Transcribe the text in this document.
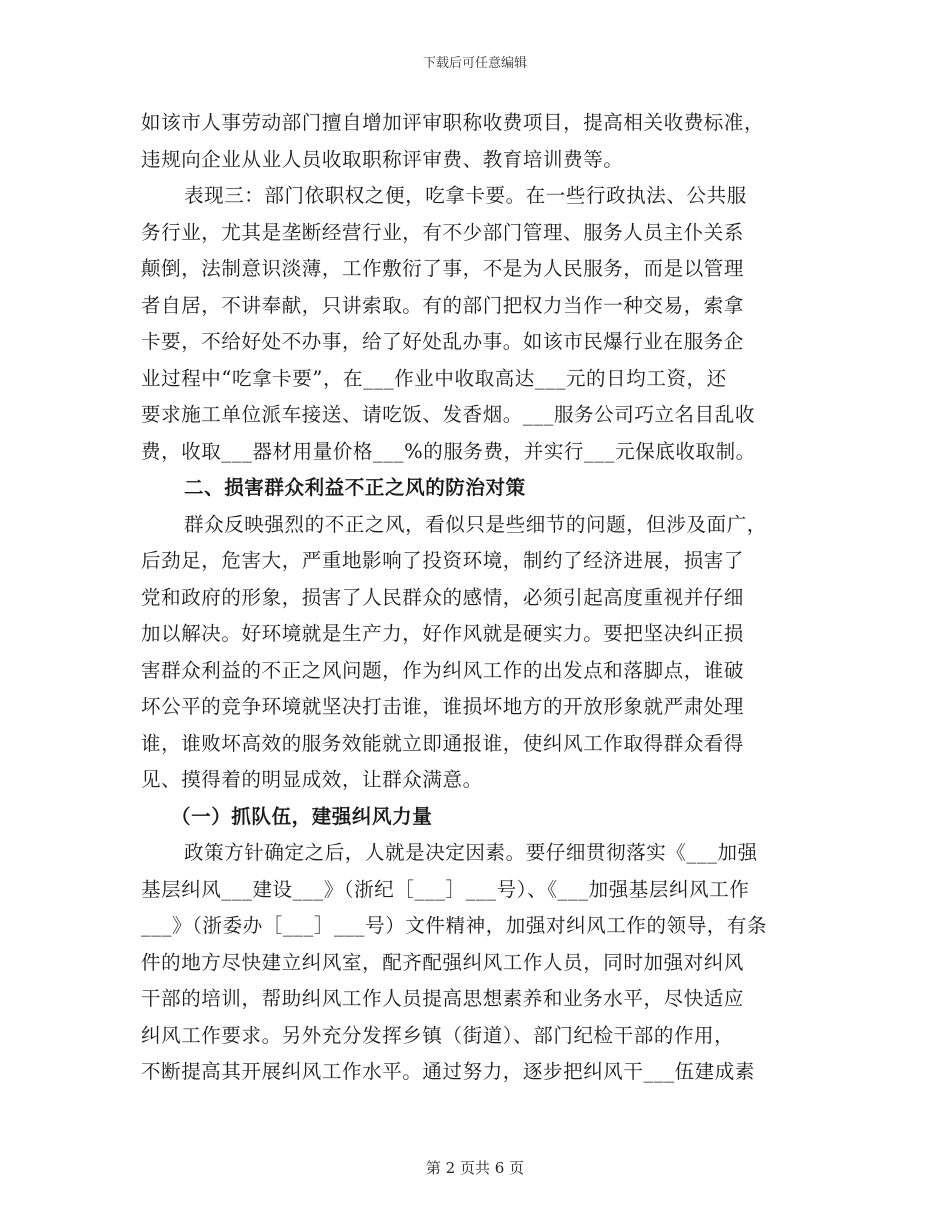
下载后可任意编辑
如该市人事劳动部门擅自增加评审职称收费项目，提高相关收费标准，
违规向企业从业人员收取职称评审费、教育培训费等。
表现三：部门依职权之便，吃拿卡要。在一些行政执法、公共服
务行业，尤其是垄断经营行业，有不少部门管理、服务人员主仆关系
颠倒，法制意识淡薄，工作敷衍了事，不是为人民服务，而是以管理
者自居，不讲奉献，只讲索取。有的部门把权力当作一种交易，索拿
卡要，不给好处不办事，给了好处乱办事。如该市民爆行业在服务企
业过程中“吃拿卡要”，在___作业中收取高达___元的日均工资，还
要求施工单位派车接送、请吃饭、发香烟。___服务公司巧立名目乱收
费，收取___器材用量价格___%的服务费，并实行___元保底收取制。
二、损害群众利益不正之风的防治对策
群众反映强烈的不正之风，看似只是些细节的问题，但涉及面广，
后劲足，危害大，严重地影响了投资环境，制约了经济进展，损害了
党和政府的形象，损害了人民群众的感情，必须引起高度重视并仔细
加以解决。好环境就是生产力，好作风就是硬实力。要把坚决纠正损
害群众利益的不正之风问题，作为纠风工作的出发点和落脚点，谁破
坏公平的竞争环境就坚决打击谁，谁损坏地方的开放形象就严肃处理
谁，谁败坏高效的服务效能就立即通报谁，使纠风工作取得群众看得
见、摸得着的明显成效，让群众满意。
（一）抓队伍，建强纠风力量
政策方针确定之后，人就是决定因素。要仔细贯彻落实《___加强
基层纠风___建设___》（浙纪［___］___号）、《___加强基层纠风工作
___》（浙委办［___］___号）文件精神，加强对纠风工作的领导，有条
件的地方尽快建立纠风室，配齐配强纠风工作人员，同时加强对纠风
干部的培训，帮助纠风工作人员提高思想素养和业务水平，尽快适应
纠风工作要求。另外充分发挥乡镇（街道）、部门纪检干部的作用，
不断提高其开展纠风工作水平。通过努力，逐步把纠风干___伍建成素
第 2 页共 6 页
